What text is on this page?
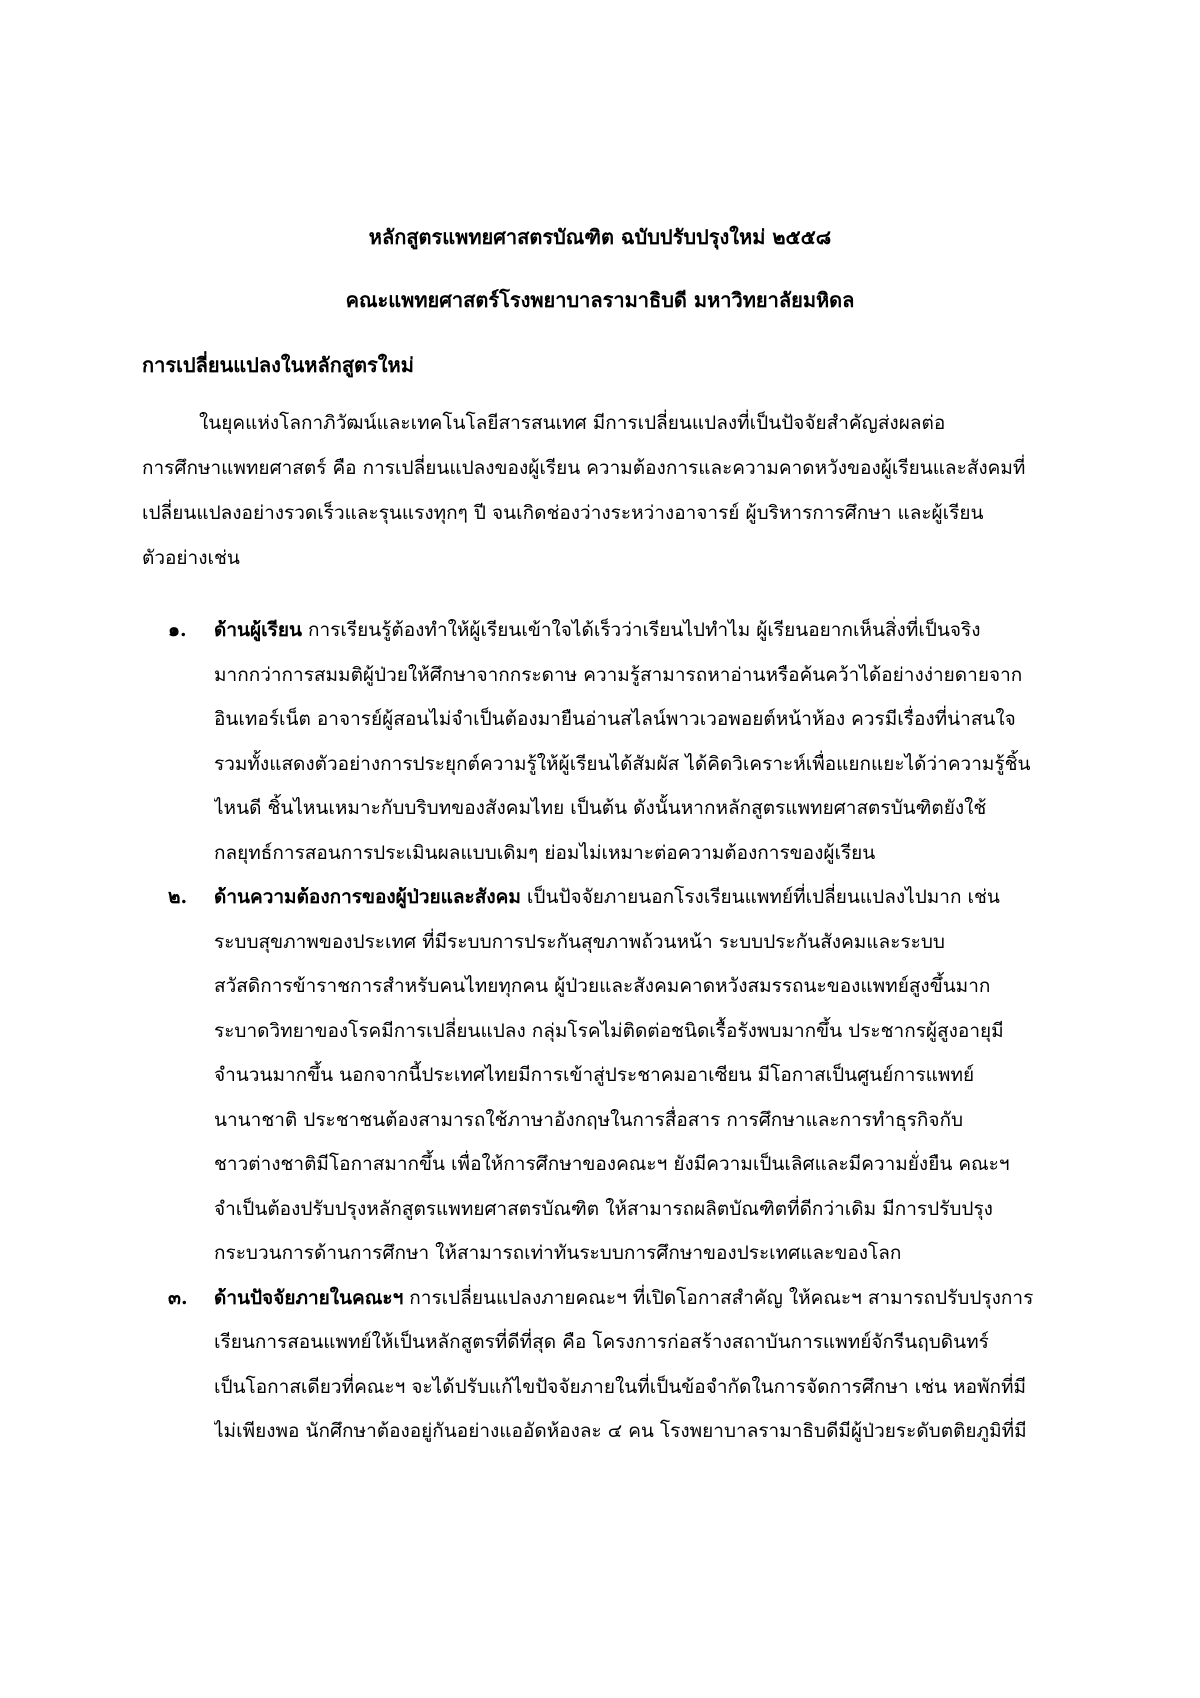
หลักสูตรแพทยศาสตรบัณฑิต ฉบับปรับปรุงใหม่ ๒๕๕๘
คณะแพทยศาสตร์โรงพยาบาลรามาธิบดี มหาวิทยาลัยมหิดล
การเปลี่ยนแปลงในหลักสูตรใหม่
ในยุคแห่งโลกาภิวัฒน์และเทคโนโลยีสารสนเทศ มีการเปลี่ยนแปลงที่เป็นปัจจัยสำคัญส่งผลต่อ
การศึกษาแพทยศาสตร์ คือ การเปลี่ยนแปลงของผู้เรียน ความต้องการและความคาดหวังของผู้เรียนและสังคมที่
เปลี่ยนแปลงอย่างรวดเร็วและรุนแรงทุกๆ ปี จนเกิดช่องว่างระหว่างอาจารย์ ผู้บริหารการศึกษา และผู้เรียน
ตัวอย่างเช่น
๑. ด้านผู้เรียน การเรียนรู้ต้องทำให้ผู้เรียนเข้าใจได้เร็วว่าเรียนไปทำไม ผู้เรียนอยากเห็นสิ่งที่เป็นจริง
มากกว่าการสมมติผู้ป่วยให้ศึกษาจากกระดาษ ความรู้สามารถหาอ่านหรือค้นคว้าได้อย่างง่ายดายจาก
อินเทอร์เน็ต อาจารย์ผู้สอนไม่จำเป็นต้องมายืนอ่านสไลน์พาวเวอพอยต์หน้าห้อง ควรมีเรื่องที่น่าสนใจ
รวมทั้งแสดงตัวอย่างการประยุกต์ความรู้ให้ผู้เรียนได้สัมผัส ได้คิดวิเคราะห์เพื่อแยกแยะได้ว่าความรู้ชิ้น
ไหนดี ชิ้นไหนเหมาะกับบริบทของสังคมไทย เป็นต้น ดังนั้นหากหลักสูตรแพทยศาสตรบันฑิตยังใช้
กลยุทธ์การสอนการประเมินผลแบบเดิมๆ ย่อมไม่เหมาะต่อความต้องการของผู้เรียน
๒. ด้านความต้องการของผู้ป่วยและสังคม เป็นปัจจัยภายนอกโรงเรียนแพทย์ที่เปลี่ยนแปลงไปมาก เช่น
ระบบสุขภาพของประเทศ ที่มีระบบการประกันสุขภาพถ้วนหน้า ระบบประกันสังคมและระบบ
สวัสดิการข้าราชการสำหรับคนไทยทุกคน ผู้ป่วยและสังคมคาดหวังสมรรถนะของแพทย์สูงขึ้นมาก
ระบาดวิทยาของโรคมีการเปลี่ยนแปลง กลุ่มโรคไม่ติดต่อชนิดเรื้อรังพบมากขึ้น ประชากรผู้สูงอายุมี
จำนวนมากขึ้น นอกจากนี้ประเทศไทยมีการเข้าสู่ประชาคมอาเซียน มีโอกาสเป็นศูนย์การแพทย์
นานาชาติ ประชาชนต้องสามารถใช้ภาษาอังกฤษในการสื่อสาร การศึกษาและการทำธุรกิจกับ
ชาวต่างชาติมีโอกาสมากขึ้น เพื่อให้การศึกษาของคณะฯ ยังมีความเป็นเลิศและมีความยั่งยืน คณะฯ
จำเป็นต้องปรับปรุงหลักสูตรแพทยศาสตรบัณฑิต ให้สามารถผลิตบัณฑิตที่ดีกว่าเดิม มีการปรับปรุง
กระบวนการด้านการศึกษา ให้สามารถเท่าทันระบบการศึกษาของประเทศและของโลก
๓. ด้านปัจจัยภายในคณะฯ การเปลี่ยนแปลงภายคณะฯ ที่เปิดโอกาสสำคัญ ให้คณะฯ สามารถปรับปรุงการ
เรียนการสอนแพทย์ให้เป็นหลักสูตรที่ดีที่สุด คือ โครงการก่อสร้างสถาบันการแพทย์จักรีนฤบดินทร์
เป็นโอกาสเดียวที่คณะฯ จะได้ปรับแก้ไขปัจจัยภายในที่เป็นข้อจำกัดในการจัดการศึกษา เช่น หอพักที่มี
ไม่เพียงพอ นักศึกษาต้องอยู่กันอย่างแออัดห้องละ ๔ คน โรงพยาบาลรามาธิบดีมีผู้ป่วยระดับตติยภูมิที่มี
